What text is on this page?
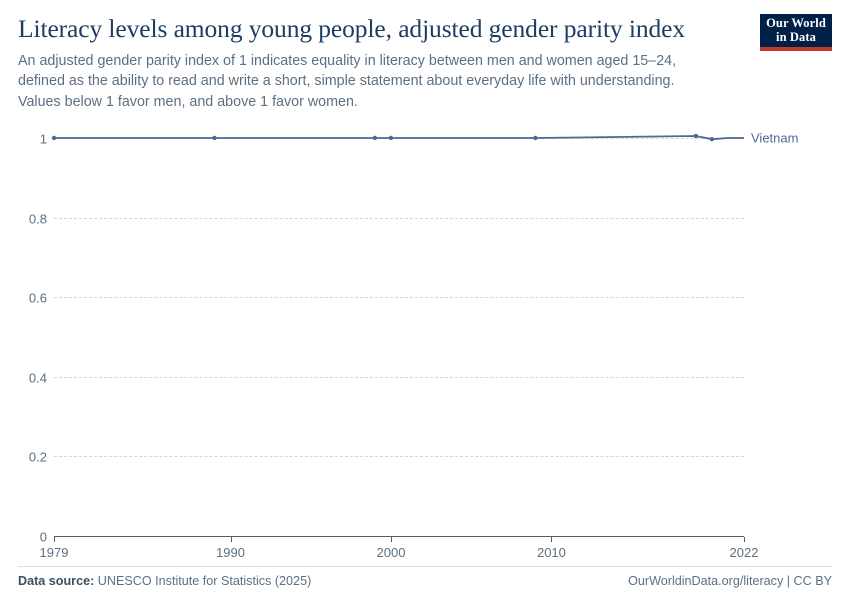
Literacy levels among young people, adjusted gender parity index

An adjusted gender parity index of 1 indicates equality in literacy between men and women aged 15–24, defined as the ability to read and write a short, simple statement about everyday life with understanding. Values below 1 favor men, and above 1 favor women.

Our World
in Data
0
0.2
0.4
0.6
0.8
1
1979	1990	2000	2010	2022
Vietnam
Data source: UNESCO Institute for Statistics (2025)	OurWorldinData.org/literacy | CC BY
